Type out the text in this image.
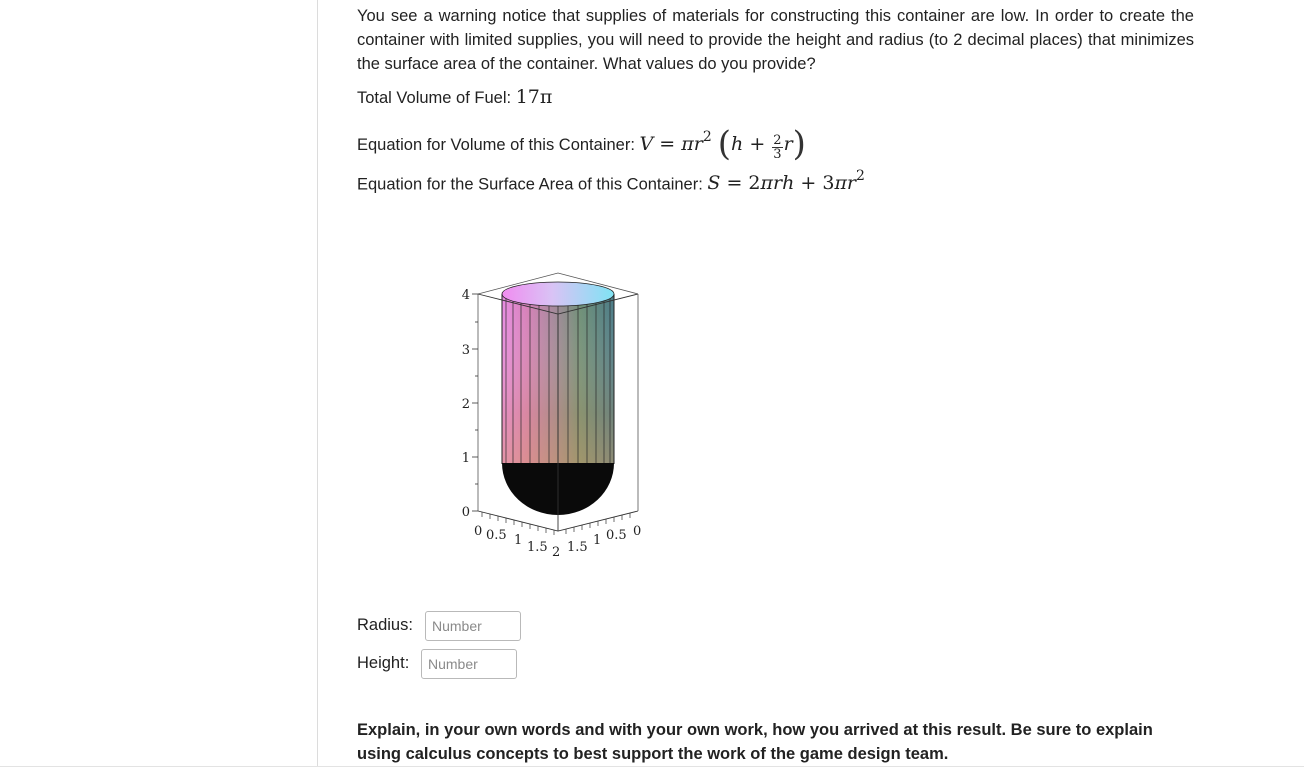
You see a warning notice that supplies of materials for constructing this container are low. In order to create the container with limited supplies, you will need to provide the height and radius (to 2 decimal places) that minimizes the surface area of the container. What values do you provide?

Total Volume of Fuel: 17π
Equation for Volume of this Container: $V = \pi r^2$ $(h + \frac{2}{3} r)$
Equation for the Surface Area of this Container: $S = 2\pi rh + 3\pi r^2$
0
1
2
3
4
0 0.5 1 1.5 2 1.5 1 0.5 0
Radius:
Number
Height:
Number

Explain, in your own words and with your own work, how you arrived at this result. Be sure to explain using calculus concepts to best support the work of the game design team.
